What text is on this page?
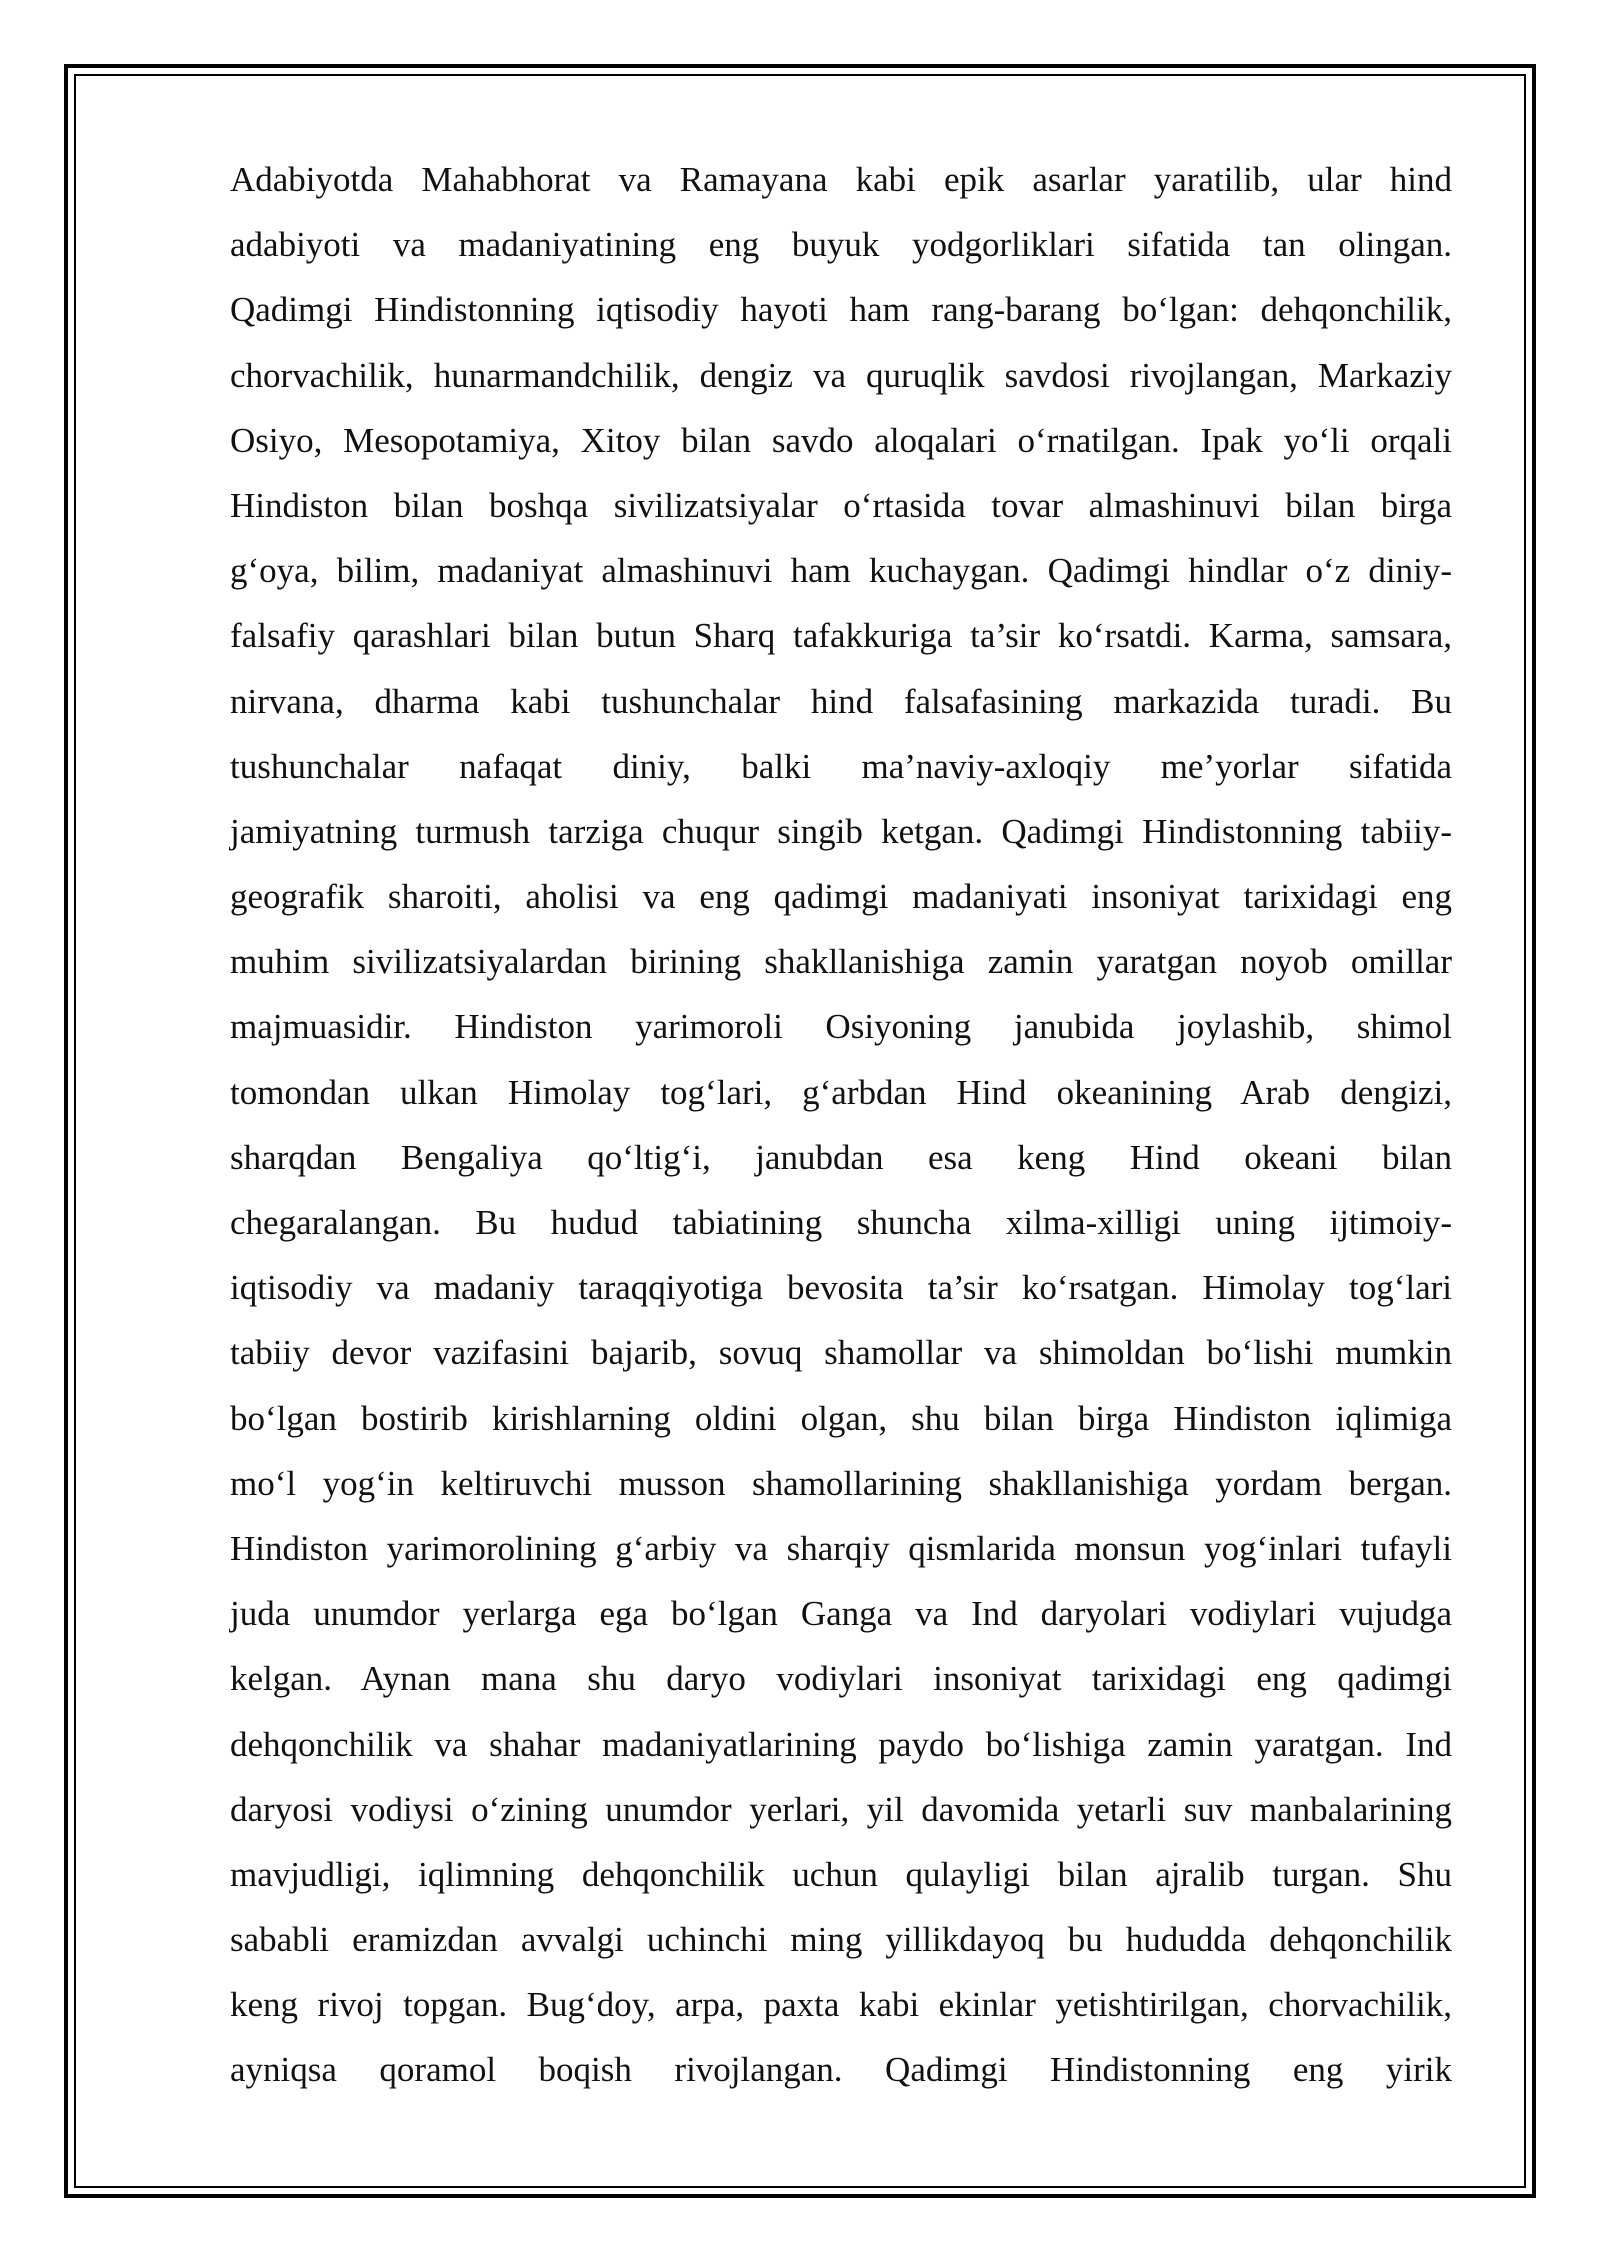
Adabiyotda Mahabhorat va Ramayana kabi epik asarlar yaratilib, ular hind
adabiyoti va madaniyatining eng buyuk yodgorliklari sifatida tan olingan.
Qadimgi Hindistonning iqtisodiy hayoti ham rang-barang bo‘lgan: dehqonchilik,
chorvachilik, hunarmandchilik, dengiz va quruqlik savdosi rivojlangan, Markaziy
Osiyo, Mesopotamiya, Xitoy bilan savdo aloqalari o‘rnatilgan. Ipak yo‘li orqali
Hindiston bilan boshqa sivilizatsiyalar o‘rtasida tovar almashinuvi bilan birga
g‘oya, bilim, madaniyat almashinuvi ham kuchaygan. Qadimgi hindlar o‘z diniy-
falsafiy qarashlari bilan butun Sharq tafakkuriga ta’sir ko‘rsatdi. Karma, samsara,
nirvana, dharma kabi tushunchalar hind falsafasining markazida turadi. Bu
tushunchalar nafaqat diniy, balki ma’naviy-axloqiy me’yorlar sifatida
jamiyatning turmush tarziga chuqur singib ketgan. Qadimgi Hindistonning tabiiy-
geografik sharoiti, aholisi va eng qadimgi madaniyati insoniyat tarixidagi eng
muhim sivilizatsiyalardan birining shakllanishiga zamin yaratgan noyob omillar
majmuasidir. Hindiston yarimoroli Osiyoning janubida joylashib, shimol
tomondan ulkan Himolay tog‘lari, g‘arbdan Hind okeanining Arab dengizi,
sharqdan Bengaliya qo‘ltig‘i, janubdan esa keng Hind okeani bilan
chegaralangan. Bu hudud tabiatining shuncha xilma-xilligi uning ijtimoiy-
iqtisodiy va madaniy taraqqiyotiga bevosita ta’sir ko‘rsatgan. Himolay tog‘lari
tabiiy devor vazifasini bajarib, sovuq shamollar va shimoldan bo‘lishi mumkin
bo‘lgan bostirib kirishlarning oldini olgan, shu bilan birga Hindiston iqlimiga
mo‘l yog‘in keltiruvchi musson shamollarining shakllanishiga yordam bergan.
Hindiston yarimorolining g‘arbiy va sharqiy qismlarida monsun yog‘inlari tufayli
juda unumdor yerlarga ega bo‘lgan Ganga va Ind daryolari vodiylari vujudga
kelgan. Aynan mana shu daryo vodiylari insoniyat tarixidagi eng qadimgi
dehqonchilik va shahar madaniyatlarining paydo bo‘lishiga zamin yaratgan. Ind
daryosi vodiysi o‘zining unumdor yerlari, yil davomida yetarli suv manbalarining
mavjudligi, iqlimning dehqonchilik uchun qulayligi bilan ajralib turgan. Shu
sababli eramizdan avvalgi uchinchi ming yillikdayoq bu hududda dehqonchilik
keng rivoj topgan. Bug‘doy, arpa, paxta kabi ekinlar yetishtirilgan, chorvachilik,
ayniqsa qoramol boqish rivojlangan. Qadimgi Hindistonning eng yirik
